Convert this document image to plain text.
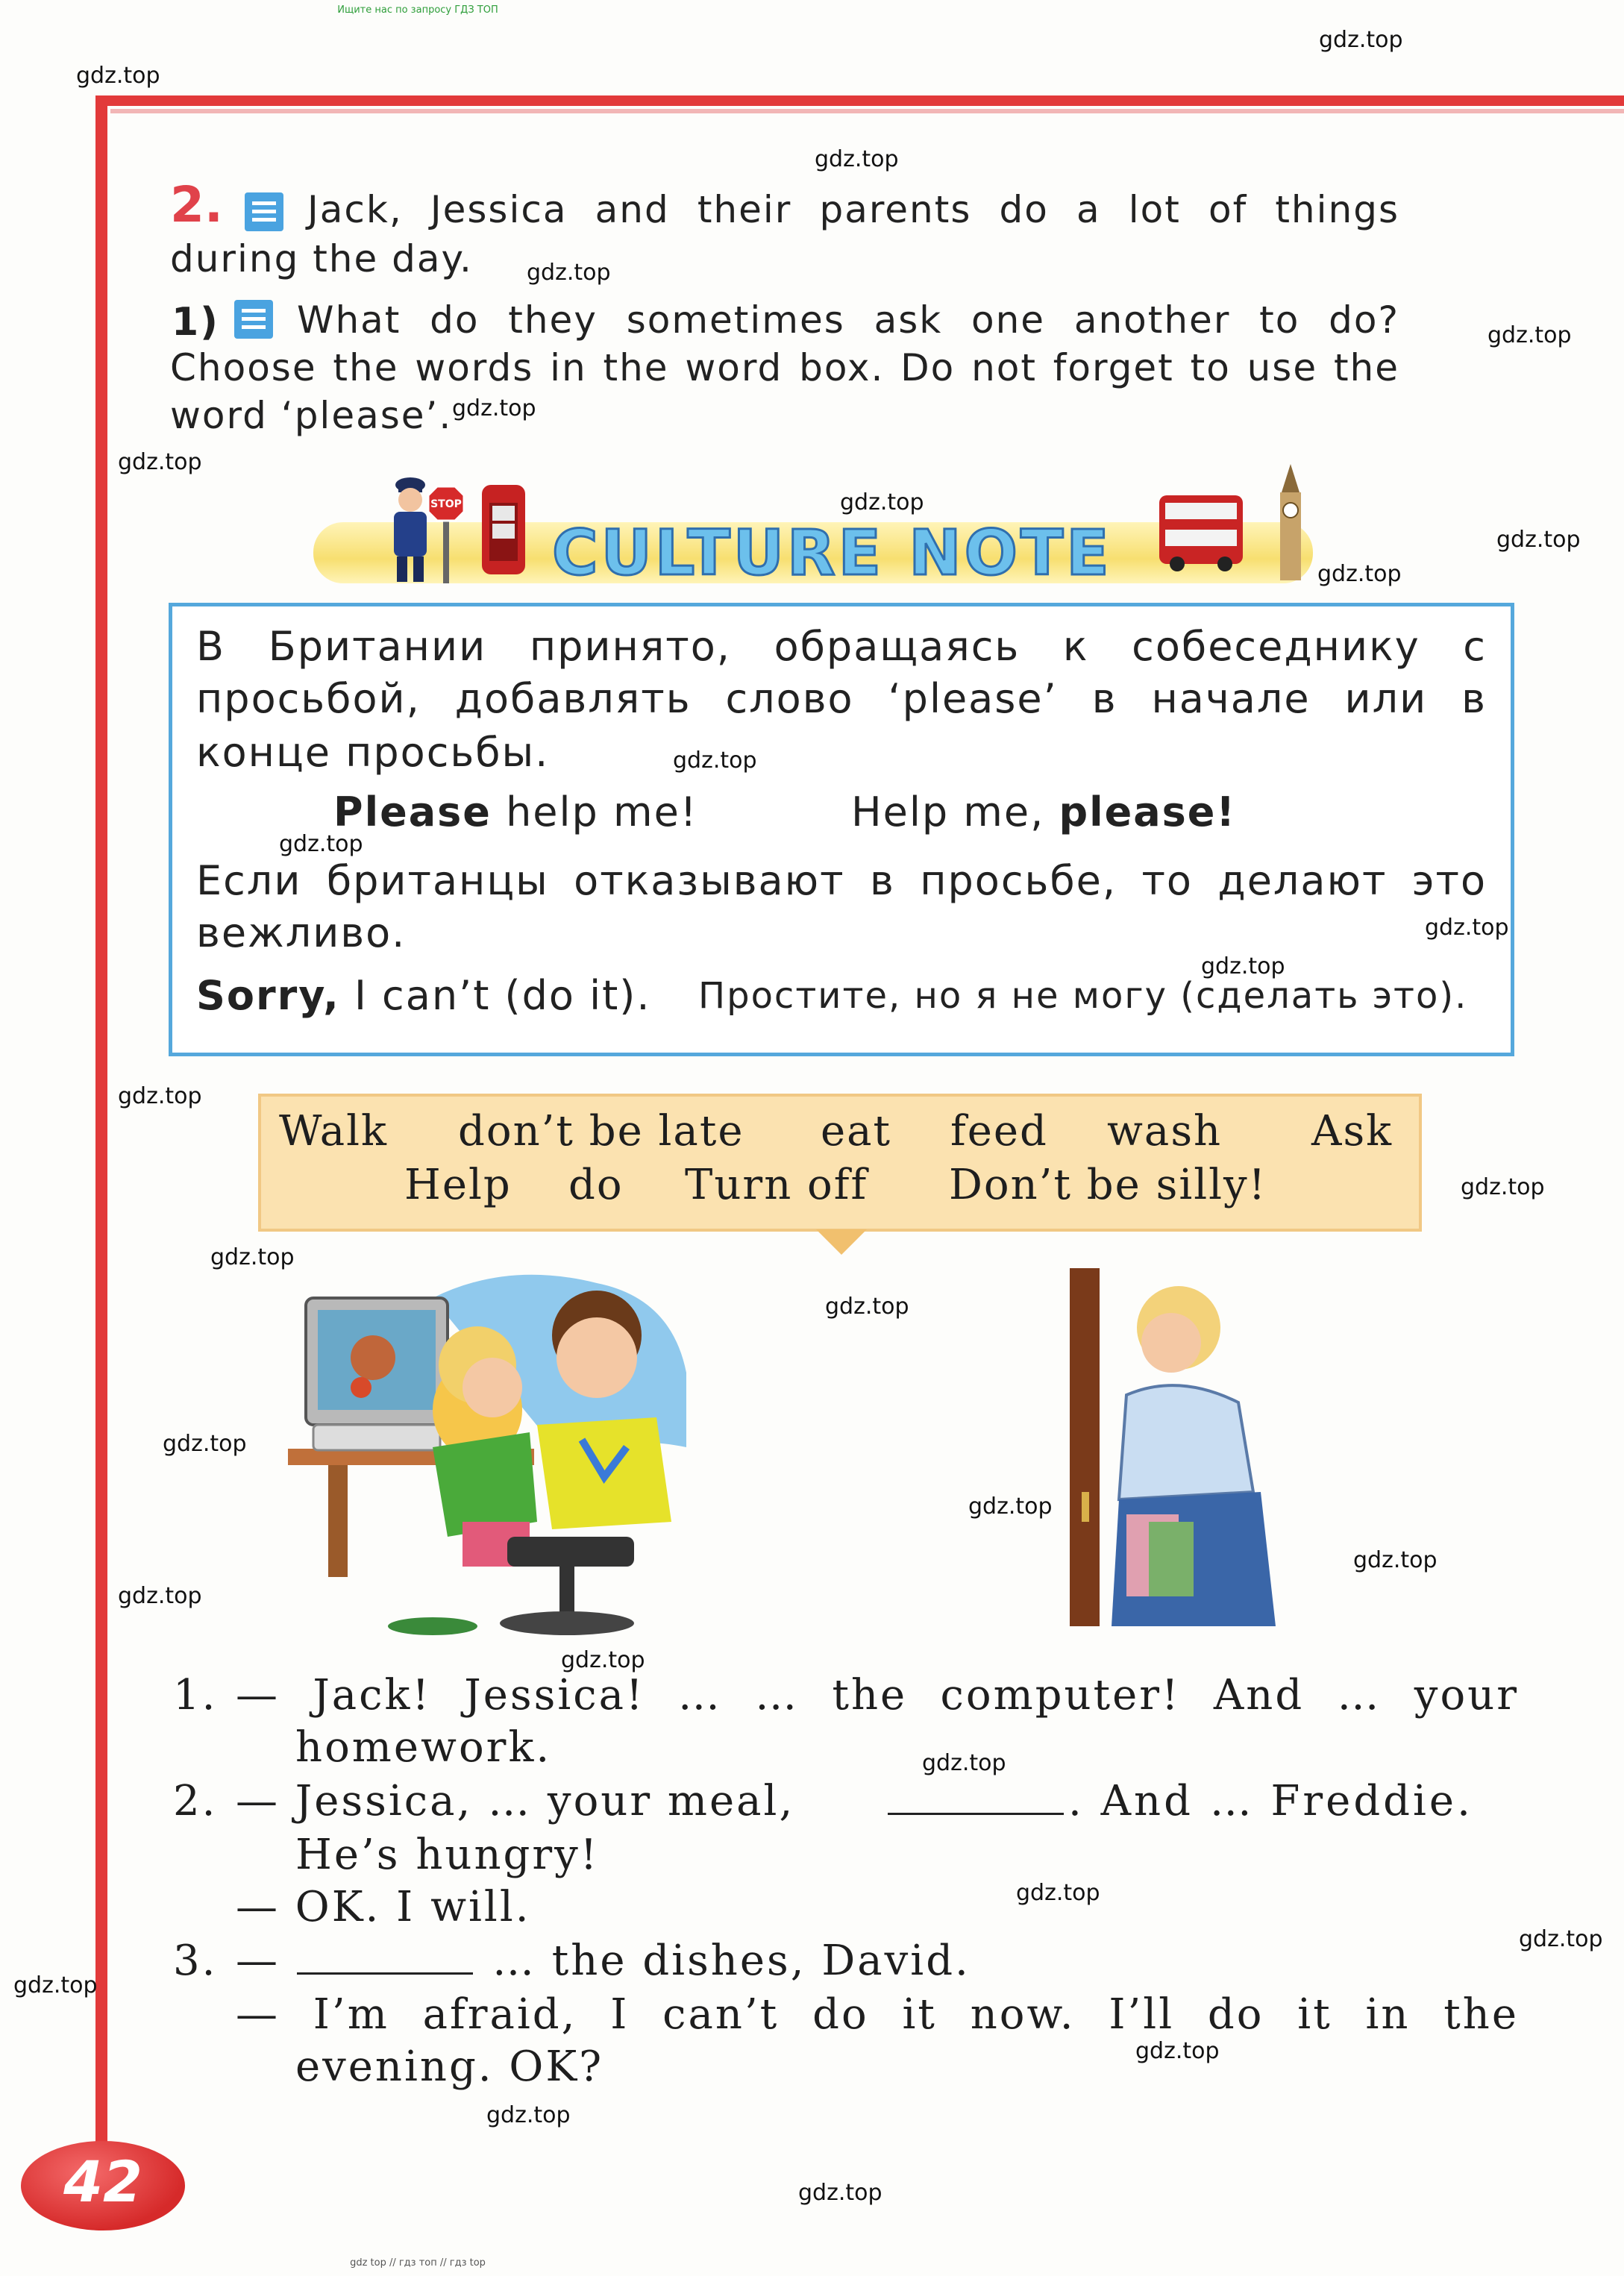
Ищите нас по запросу ГДЗ ТОП
gdz top // гдз топ // гдз top
2. Jack, Jessica and their parents do a lot of things
during the day.
1) What do they sometimes ask one another to do?
Choose the words in the word box. Do not forget to use the
word ‘please’.
STOP
CULTURE NOTE
В Британии принято, обращаясь к собеседнику с
просьбой, добавлять слово ‘please’ в начале или в
конце просьбы.
Please help me!	Help me, please!
Если британцы отказывают в просьбе, то делают это
вежливо.
Sorry, I can’t (do it). Простите, но я не могу (сделать это).
Walk don’t be late eat feed wash Ask
Help do Turn off Don’t be silly!
1. — Jack! Jessica! … … the computer! And … your
homework.
2. — Jessica, … your meal,	. And … Freddie.
He’s hungry!
— OK. I will.
3. —	… the dishes, David.
— I’m afraid, I can’t do it now. I’ll do it in the
evening. OK?
42
gdz.top
gdz.top
gdz.top
gdz.top
gdz.top
gdz.top
gdz.top
gdz.top
gdz.top
gdz.top
gdz.top
gdz.top
gdz.top
gdz.top
gdz.top
gdz.top
gdz.top
gdz.top
gdz.top
gdz.top
gdz.top
gdz.top
gdz.top
gdz.top
gdz.top
gdz.top
gdz.top
gdz.top
gdz.top
gdz.top
